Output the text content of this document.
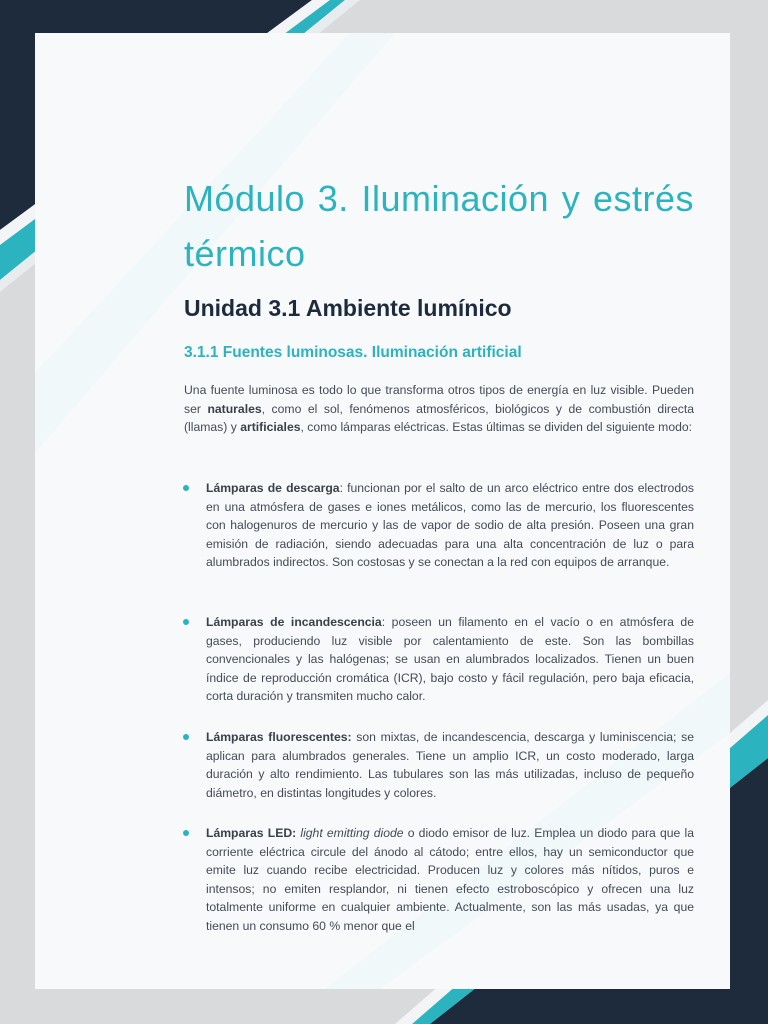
Módulo 3. Iluminación y estrés térmico
Unidad 3.1 Ambiente lumínico
3.1.1 Fuentes luminosas. Iluminación artificial

Una fuente luminosa es todo lo que transforma otros tipos de energía en luz visible. Pueden ser naturales, como el sol, fenómenos atmosféricos, biológicos y de combustión directa (llamas) y artificiales, como lámparas eléctricas. Estas últimas se dividen del siguiente modo:

Lámparas de descarga: funcionan por el salto de un arco eléctrico entre dos electrodos en una atmósfera de gases e iones metálicos, como las de mercurio, los fluorescentes con halogenuros de mercurio y las de vapor de sodio de alta presión. Poseen una gran emisión de radiación, siendo adecuadas para una alta concentración de luz o para alumbrados indirectos. Son costosas y se conectan a la red con equipos de arranque.

Lámparas de incandescencia: poseen un filamento en el vacío o en atmósfera de gases, produciendo luz visible por calentamiento de este. Son las bombillas convencionales y las halógenas; se usan en alumbrados localizados. Tienen un buen índice de reproducción cromática (ICR), bajo costo y fácil regulación, pero baja eficacia, corta duración y transmiten mucho calor.

Lámparas fluorescentes: son mixtas, de incandescencia, descarga y luminiscencia; se aplican para alumbrados generales. Tiene un amplio ICR, un costo moderado, larga duración y alto rendimiento. Las tubulares son las más utilizadas, incluso de pequeño diámetro, en distintas longitudes y colores.

Lámparas LED: light emitting diode o diodo emisor de luz. Emplea un diodo para que la corriente eléctrica circule del ánodo al cátodo; entre ellos, hay un semiconductor que emite luz cuando recibe electricidad. Producen luz y colores más nítidos, puros e intensos; no emiten resplandor, ni tienen efecto estroboscópico y ofrecen una luz totalmente uniforme en cualquier ambiente. Actualmente, son las más usadas, ya que tienen un consumo 60 % menor que el
